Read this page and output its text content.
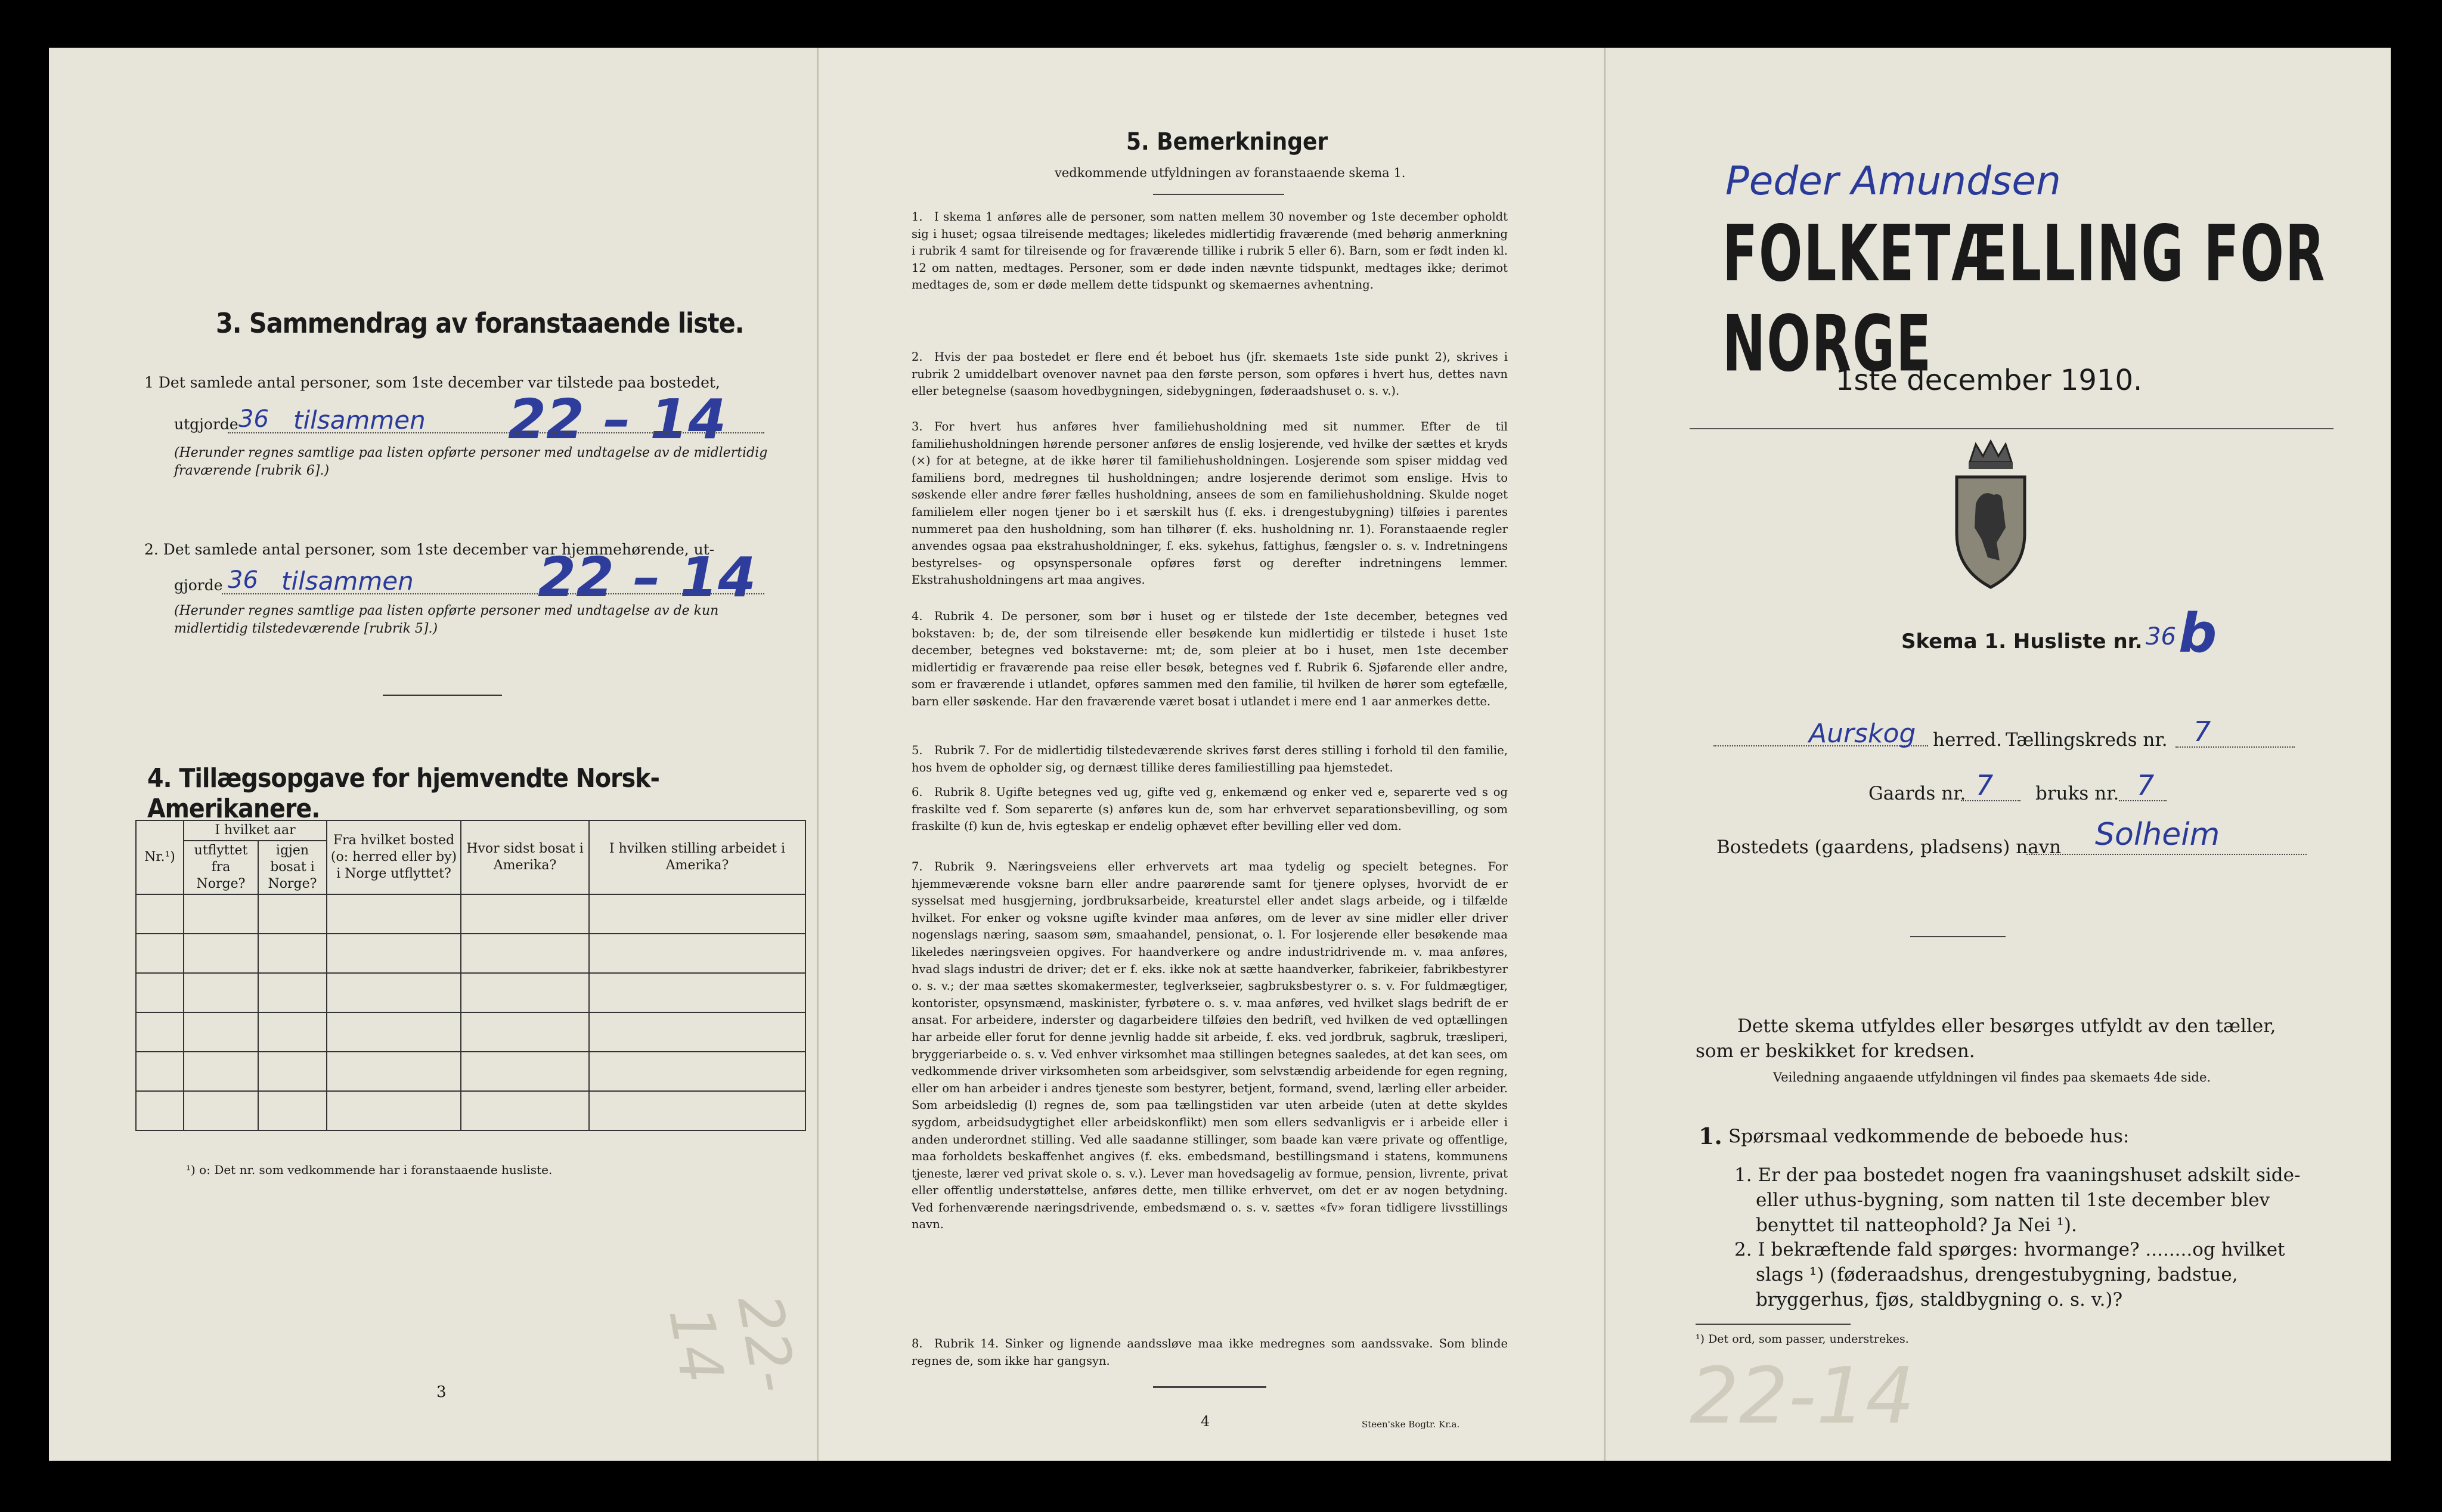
3. Sammendrag av foranstaaende liste.
1 Det samlede antal personer, som 1ste december var tilstede paa bostedet,
utgjorde 36 tilsammen 22 – 14
(Herunder regnes samtlige paa listen opførte personer med undtagelse av de midlertidig fraværende [rubrik 6].)
2. Det samlede antal personer, som 1ste december var hjemmehørende, ut-
gjorde 36 tilsammen 22 – 14
(Herunder regnes samtlige paa listen opførte personer med undtagelse av de kun midlertidig tilstedeværende [rubrik 5].)
4. Tillægsopgave for hjemvendte Norsk-Amerikanere.
Nr.¹)	I hvilket aar		Fra hvilket bosted (o: herred eller by) i Norge utflyttet?	Hvor sidst bosat i Amerika?	I hvilken stilling arbeidet i Amerika?
	utflyttet fra Norge?	igjen bosat i Norge?			

¹) o: Det nr. som vedkommende har i foranstaaende husliste.
3	22-14
5. Bemerkninger
vedkommende utfyldningen av foranstaaende skema 1.
1. I skema 1 anføres alle de personer, som natten mellem 30 november og 1ste december opholdt sig i huset; ogsaa tilreisende medtages; likeledes midlertidig fraværende (med behørig anmerkning i rubrik 4 samt for tilreisende og for fraværende tillike i rubrik 5 eller 6). Barn, som er født inden kl. 12 om natten, medtages. Personer, som er døde inden nævnte tidspunkt, medtages ikke; derimot medtages de, som er døde mellem dette tidspunkt og skemaernes avhentning.
2. Hvis der paa bostedet er flere end ét beboet hus (jfr. skemaets 1ste side punkt 2), skrives i rubrik 2 umiddelbart ovenover navnet paa den første person, som opføres i hvert hus, dettes navn eller betegnelse (saasom hovedbygningen, sidebygningen, føderaadshuset o. s. v.).
3. For hvert hus anføres hver familiehusholdning med sit nummer. Efter de til familiehusholdningen hørende personer anføres de enslig losjerende, ved hvilke der sættes et kryds (×) for at betegne, at de ikke hører til familiehusholdningen. Losjerende som spiser middag ved familiens bord, medregnes til husholdningen; andre losjerende derimot som enslige. Hvis to søskende eller andre fører fælles husholdning, ansees de som en familiehusholdning. Skulde noget familielem eller nogen tjener bo i et særskilt hus (f. eks. i drengestubygning) tilføies i parentes nummeret paa den husholdning, som han tilhører (f. eks. husholdning nr. 1). Foranstaaende regler anvendes ogsaa paa ekstrahusholdninger, f. eks. sykehus, fattighus, fængsler o. s. v. Indretningens bestyrelses- og opsynspersonale opføres først og derefter indretningens lemmer. Ekstrahusholdningens art maa angives.
4. Rubrik 4. De personer, som bør i huset og er tilstede der 1ste december, betegnes ved bokstaven: b; de, der som tilreisende eller besøkende kun midlertidig er tilstede i huset 1ste december, betegnes ved bokstaverne: mt; de, som pleier at bo i huset, men 1ste december midlertidig er fraværende paa reise eller besøk, betegnes ved f. Rubrik 6. Sjøfarende eller andre, som er fraværende i utlandet, opføres sammen med den familie, til hvilken de hører som egtefælle, barn eller søskende. Har den fraværende været bosat i utlandet i mere end 1 aar anmerkes dette.
5. Rubrik 7. For de midlertidig tilstedeværende skrives først deres stilling i forhold til den familie, hos hvem de opholder sig, og dernæst tillike deres familiestilling paa hjemstedet.
6. Rubrik 8. Ugifte betegnes ved ug, gifte ved g, enkemænd og enker ved e, separerte ved s og fraskilte ved f. Som separerte (s) anføres kun de, som har erhvervet separationsbevilling, og som fraskilte (f) kun de, hvis egteskap er endelig ophævet efter bevilling eller ved dom.
7. Rubrik 9. Næringsveiens eller erhvervets art maa tydelig og specielt betegnes. For hjemmeværende voksne barn eller andre paarørende samt for tjenere oplyses, hvorvidt de er sysselsat med husgjerning, jordbruksarbeide, kreaturstel eller andet slags arbeide, og i tilfælde hvilket. For enker og voksne ugifte kvinder maa anføres, om de lever av sine midler eller driver nogenslags næring, saasom søm, smaahandel, pensionat, o. l. For losjerende eller besøkende maa likeledes næringsveien opgives. For haandverkere og andre industridrivende m. v. maa anføres, hvad slags industri de driver; det er f. eks. ikke nok at sætte haandverker, fabrikeier, fabrikbestyrer o. s. v.; der maa sættes skomakermester, teglverkseier, sagbruksbestyrer o. s. v. For fuldmægtiger, kontorister, opsynsmænd, maskinister, fyrbøtere o. s. v. maa anføres, ved hvilket slags bedrift de er ansat. For arbeidere, inderster og dagarbeidere tilføies den bedrift, ved hvilken de ved optællingen har arbeide eller forut for denne jevnlig hadde sit arbeide, f. eks. ved jordbruk, sagbruk, træsliperi, bryggeriarbeide o. s. v. Ved enhver virksomhet maa stillingen betegnes saaledes, at det kan sees, om vedkommende driver virksomheten som arbeidsgiver, som selvstændig arbeidende for egen regning, eller om han arbeider i andres tjeneste som bestyrer, betjent, formand, svend, lærling eller arbeider. Som arbeidsledig (l) regnes de, som paa tællingstiden var uten arbeide (uten at dette skyldes sygdom, arbeidsudygtighet eller arbeidskonflikt) men som ellers sedvanligvis er i arbeide eller i anden underordnet stilling. Ved alle saadanne stillinger, som baade kan være private og offentlige, maa forholdets beskaffenhet angives (f. eks. embedsmand, bestillingsmand i statens, kommunens tjeneste, lærer ved privat skole o. s. v.). Lever man hovedsagelig av formue, pension, livrente, privat eller offentlig understøttelse, anføres dette, men tillike erhvervet, om det er av nogen betydning. Ved forhenværende næringsdrivende, embedsmænd o. s. v. sættes «fv» foran tidligere livsstillings navn.
8. Rubrik 14. Sinker og lignende aandssløve maa ikke medregnes som aandssvake. Som blinde regnes de, som ikke har gangsyn.
4	Steen'ske Bogtr. Kr.a.
Peder Amundsen
FOLKETÆLLING FOR NORGE
1ste december 1910.
Skema 1. Husliste nr. 36 b
Aurskog herred. Tællingskreds nr. 7
Gaards nr. 7 bruks nr. 7
Bostedets (gaardens, pladsens) navn Solheim
Dette skema utfyldes eller besørges utfyldt av den tæller, som er beskikket for kredsen.
Veiledning angaaende utfyldningen vil findes paa skemaets 4de side.
1. Spørsmaal vedkommende de beboede hus:
1. Er der paa bostedet nogen fra vaaningshuset adskilt side- eller uthus-bygning, som natten til 1ste december blev benyttet til natteophold? Ja Nei ¹).
2. I bekræftende fald spørges: hvormange? ........og hvilket slags ¹) (føderaadshus, drengestubygning, badstue, bryggerhus, fjøs, staldbygning o. s. v.)?
¹) Det ord, som passer, understrekes.
22-14
